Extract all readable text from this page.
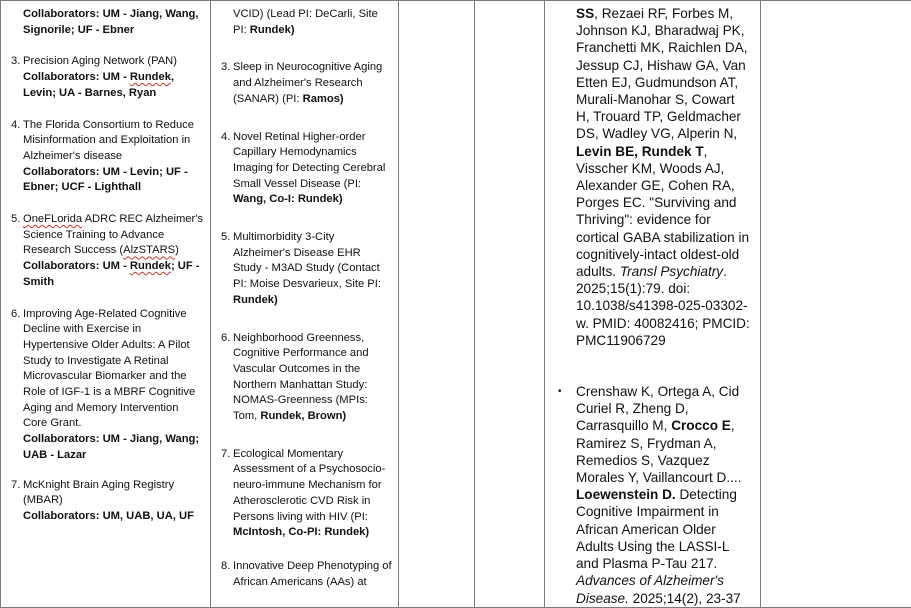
Collaborators: UM - Jiang, Wang, Signorile; UF - Ebner
3. Precision Aging Network (PAN)
Collaborators: UM - Rundek, Levin; UA - Barnes, Ryan
4. The Florida Consortium to Reduce Misinformation and Exploitation in Alzheimer's disease
Collaborators: UM - Levin; UF - Ebner; UCF - Lighthall
5. OneFLorida ADRC REC Alzheimer's Science Training to Advance Research Success (AlzSTARS)
Collaborators: UM - Rundek; UF - Smith
6. Improving Age-Related Cognitive Decline with Exercise in Hypertensive Older Adults: A Pilot Study to Investigate A Retinal Microvascular Biomarker and the Role of IGF-1 is a MBRF Cognitive Aging and Memory Intervention Core Grant.
Collaborators: UM - Jiang, Wang; UAB - Lazar
7. McKnight Brain Aging Registry (MBAR)
Collaborators: UM, UAB, UA, UF

VCID) (Lead PI: DeCarli, Site PI: Rundek)
3. Sleep in Neurocognitive Aging and Alzheimer's Research (SANAR) (PI: Ramos)
4. Novel Retinal Higher-order Capillary Hemodynamics Imaging for Detecting Cerebral Small Vessel Disease (PI: Wang, Co-I: Rundek)
5. Multimorbidity 3-City Alzheimer's Disease EHR Study - M3AD Study (Contact PI: Moise Desvarieux, Site PI: Rundek)
6. Neighborhood Greenness, Cognitive Performance and Vascular Outcomes in the Northern Manhattan Study: NOMAS-Greenness (MPIs: Tom, Rundek, Brown)
7. Ecological Momentary Assessment of a Psychosocio-neuro-immune Mechanism for Atherosclerotic CVD Risk in Persons living with HIV (PI: McIntosh, Co-PI: Rundek)
8. Innovative Deep Phenotyping of African Americans (AAs) at

SS, Rezaei RF, Forbes M, Johnson KJ, Bharadwaj PK, Franchetti MK, Raichlen DA, Jessup CJ, Hishaw GA, Van Etten EJ, Gudmundson AT, Murali-Manohar S, Cowart H, Trouard TP, Geldmacher DS, Wadley VG, Alperin N, Levin BE, Rundek T, Visscher KM, Woods AJ, Alexander GE, Cohen RA, Porges EC. "Surviving and Thriving": evidence for cortical GABA stabilization in cognitively-intact oldest-old adults. Transl Psychiatry. 2025;15(1):79. doi: 10.1038/s41398-025-03302-w. PMID: 40082416; PMCID: PMC11906729
• Crenshaw K, Ortega A, Cid Curiel R, Zheng D, Carrasquillo M, Crocco E, Ramirez S, Frydman A, Remedios S, Vazquez Morales Y, Vaillancourt D.... Loewenstein D. Detecting Cognitive Impairment in African American Older Adults Using the LASSI-L and Plasma P-Tau 217. Advances of Alzheimer's Disease. 2025;14(2), 23-37
